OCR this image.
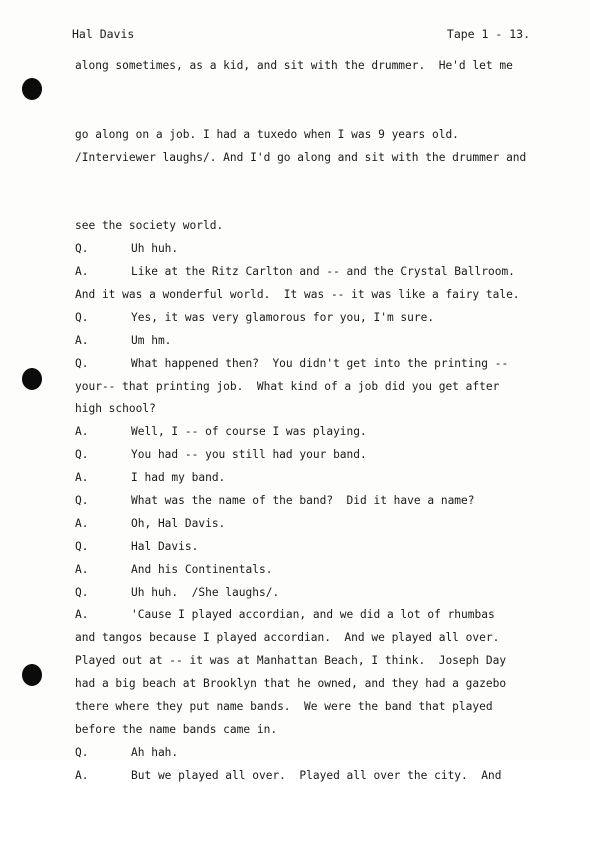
Hal Davis	Tape 1 - 13.

along sometimes, as a kid, and sit with the drummer.  He'd let me

go along on a job. I had a tuxedo when I was 9 years old. /Interviewer laughs/. And I'd go along and sit with the drummer and

see the society world.

Q.

	Uh huh.

A.

	Like at the Ritz Carlton and -- and the Crystal Ballroom.

And it was a wonderful world.  It was -- it was like a fairy tale.

Q.

	Yes, it was very glamorous for you, I'm sure.

A.

	Um hm.

Q.

	What happened then?  You didn't get into the printing --

your-- that printing job.  What kind of a job did you get after

high school?

A.

	Well, I -- of course I was playing.

Q.

	You had -- you still had your band.

A.

	I had my band.

Q.

	What was the name of the band?  Did it have a name?

A.

	Oh, Hal Davis.

Q.

	Hal Davis.

A.

	And his Continentals.

Q.

	Uh huh.  /She laughs/.

A.

	'Cause I played accordian, and we did a lot of rhumbas

and tangos because I played accordian.  And we played all over.

Played out at -- it was at Manhattan Beach, I think.  Joseph Day

had a big beach at Brooklyn that he owned, and they had a gazebo

there where they put name bands.  We were the band that played

before the name bands came in.

Q.

	Ah hah.

A.

	But we played all over.  Played all over the city.  And
